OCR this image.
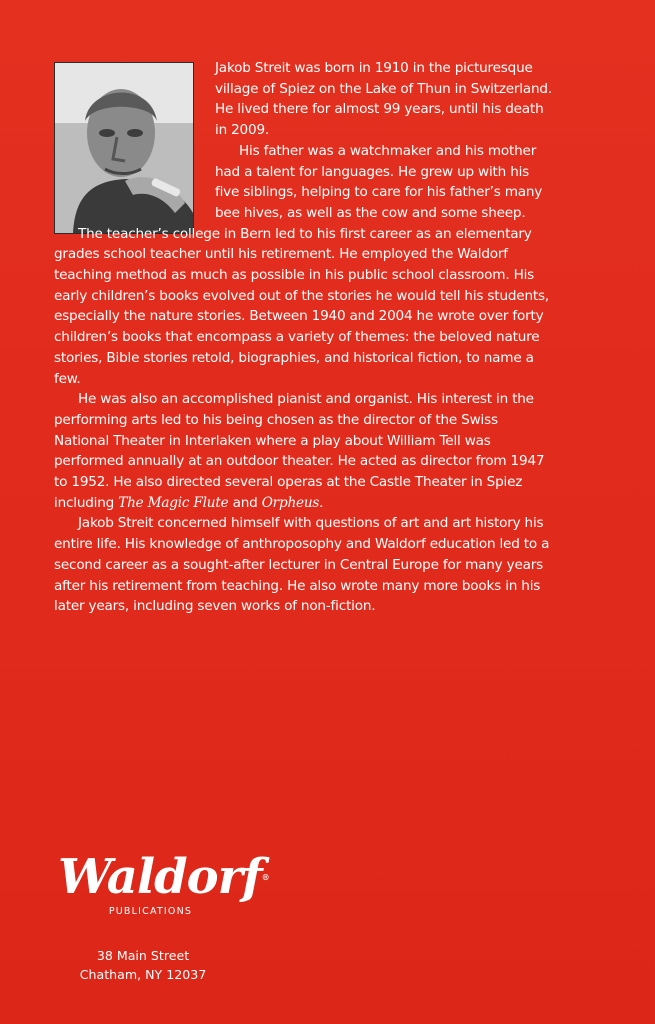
Jakob Streit was born in 1910 in the picturesque village of Spiez on the Lake of Thun in Switzerland. He lived there for almost 99 years, until his death in 2009.

His father was a watchmaker and his mother had a talent for languages. He grew up with his five siblings, helping to care for his father’s many bee hives, as well as the cow and some sheep.

The teacher’s college in Bern led to his first career as an elementary grades school teacher until his retirement. He employed the Waldorf teaching method as much as possible in his public school classroom. His early children’s books evolved out of the stories he would tell his students, especially the nature stories. Between 1940 and 2004 he wrote over forty children’s books that encompass a variety of themes: the beloved nature stories, Bible stories retold, biographies, and historical fiction, to name a few.

He was also an accomplished pianist and organist. His interest in the performing arts led to his being chosen as the director of the Swiss National Theater in Interlaken where a play about William Tell was performed annually at an outdoor theater. He acted as director from 1947 to 1952. He also directed several operas at the Castle Theater in Spiez including The Magic Flute and Orpheus.

Jakob Streit concerned himself with questions of art and art history his entire life. His knowledge of anthroposophy and Waldorf education led to a second career as a sought-after lecturer in Central Europe for many years after his retirement from teaching. He also wrote many more books in his later years, including seven works of non-fiction.

Waldorf®
PUBLICATIONS
38 Main Street
Chatham, NY 12037
